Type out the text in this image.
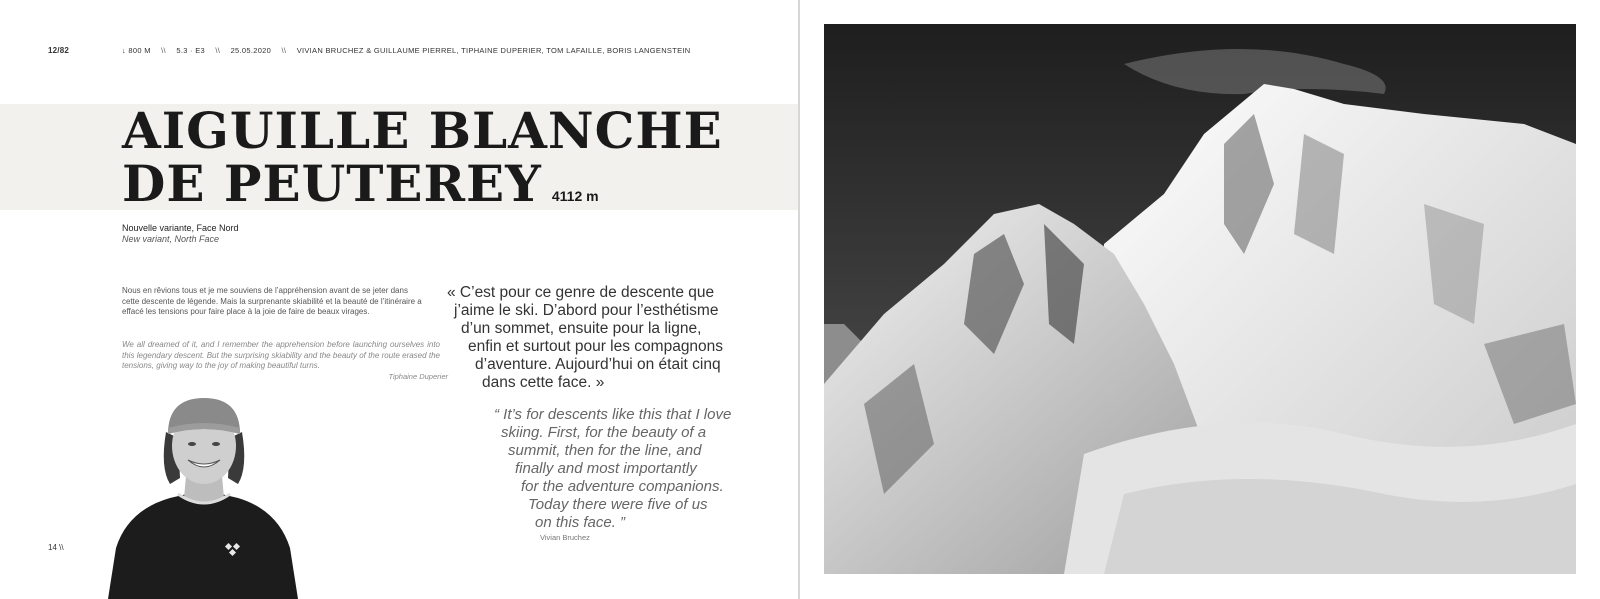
12/82	↓ 800 M \\ 5.3 · E3 \\ 25.05.2020 \\ VIVIAN BRUCHEZ & GUILLAUME PIERREL, TIPHAINE DUPERIER, TOM LAFAILLE, BORIS LANGENSTEIN
AIGUILLE BLANCHE
DE PEUTEREY 4112 m
Nouvelle variante, Face Nord
New variant, North Face

Nous en rêvions tous et je me souviens de l’appréhension avant de se jeter dans cette descente de légende. Mais la surprenante skiabilité et la beauté de l’itinéraire a effacé les tensions pour faire place à la joie de faire de beaux virages.

We all dreamed of it, and I remember the apprehension before launching ourselves into this legendary descent. But the surprising skiability and the beauty of the route erased the tensions, giving way to the joy of making beautiful turns.

Tiphaine Duperier
« C’est pour ce genre de descente que
j’aime le ski. D’abord pour l’esthétisme
d’un sommet, ensuite pour la ligne,
enfin et surtout pour les compagnons
d’aventure. Aujourd’hui on était cinq
dans cette face. »
“ It’s for descents like this that I love
skiing. First, for the beauty of a
summit, then for the line, and
finally and most importantly
for the adventure companions.
Today there were five of us
on this face. ”
Vivian Bruchez
14 \\
